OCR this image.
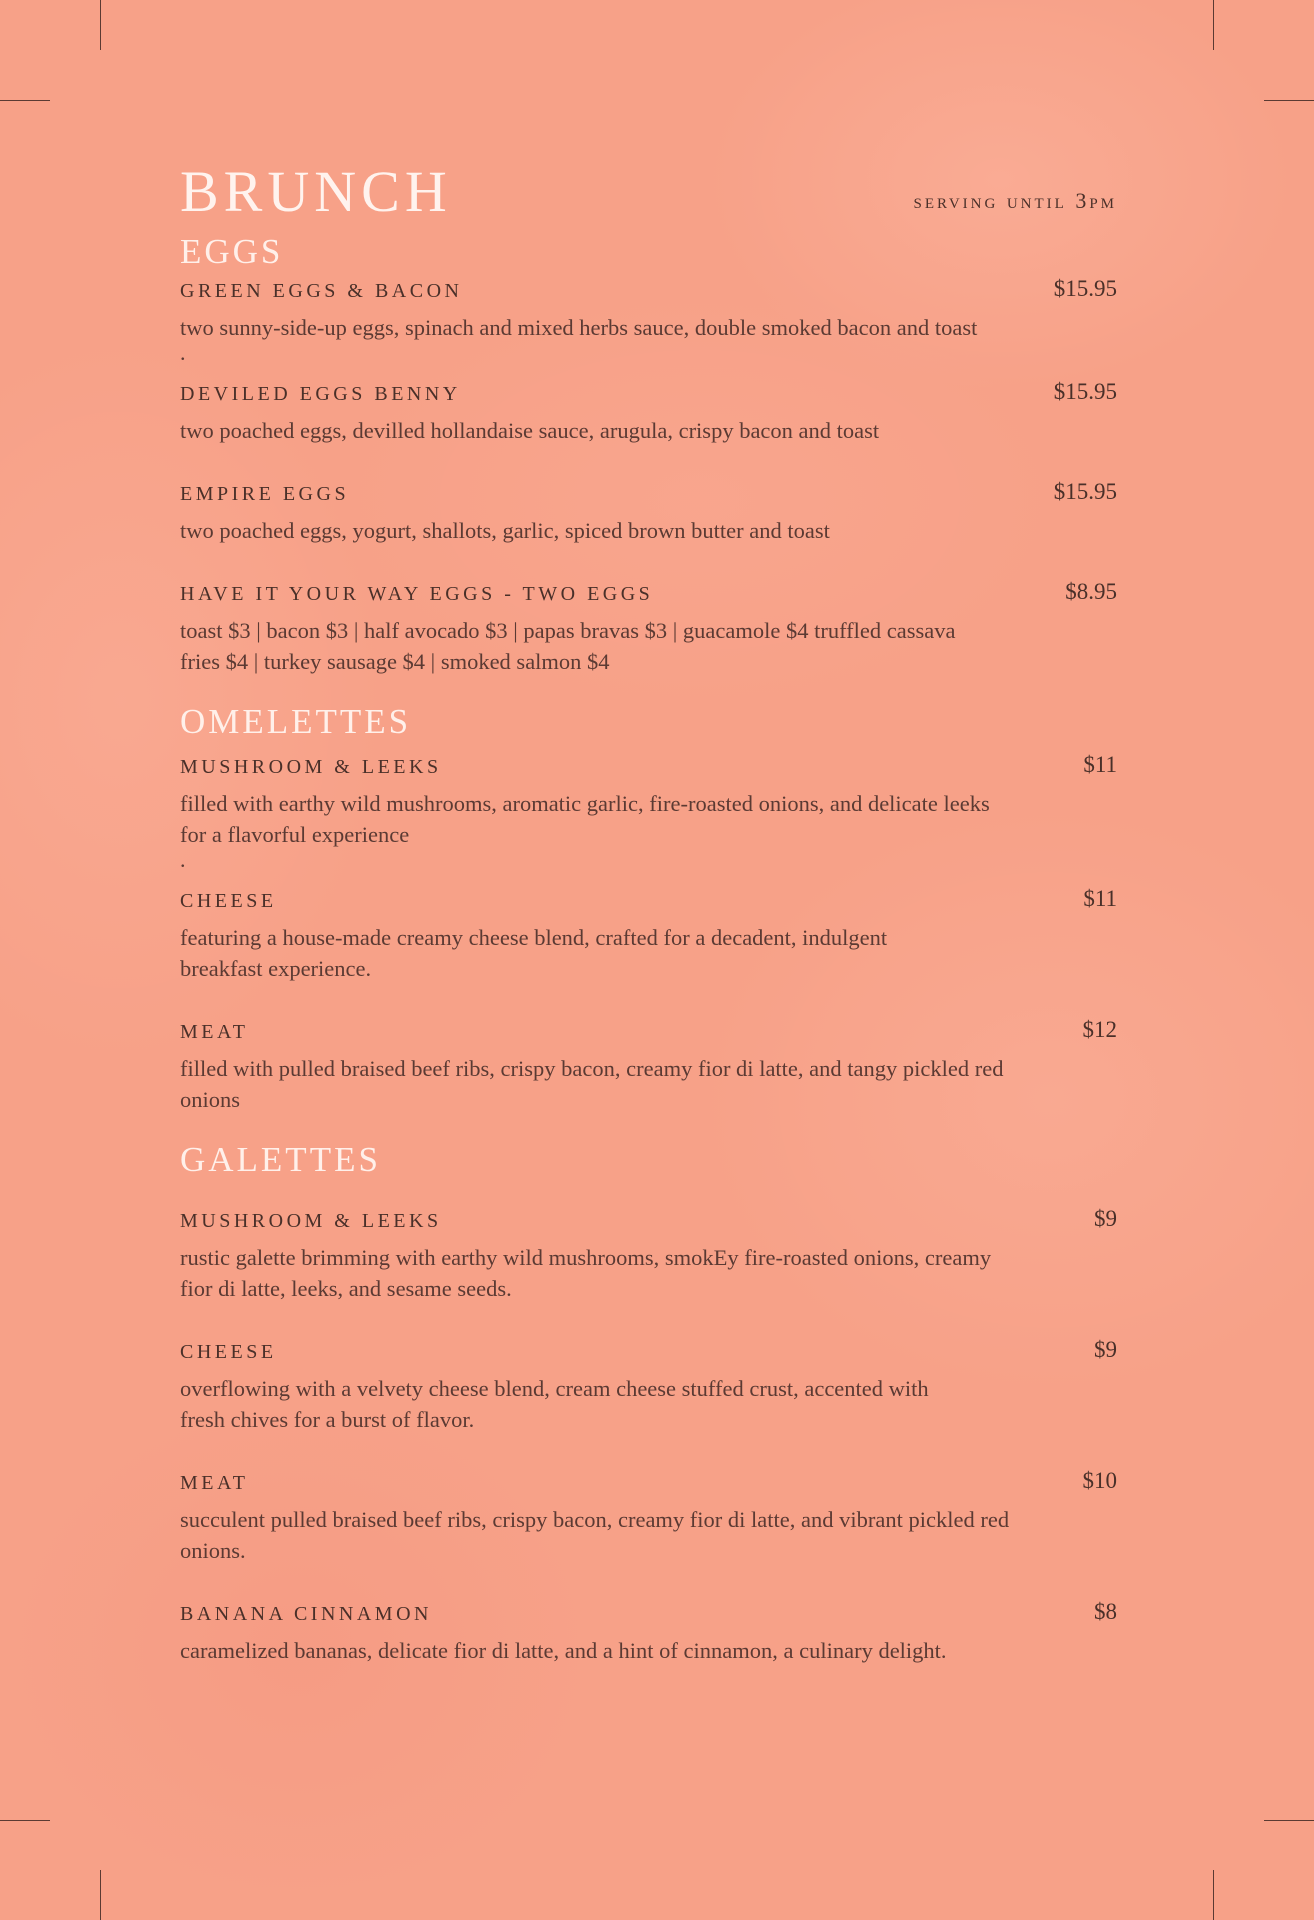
BRUNCH	serving until 3pm
EGGS
GREEN EGGS & BACON	$15.95
two sunny-side-up eggs, spinach and mixed herbs sauce, double smoked bacon and toast
.
DEVILED EGGS BENNY	$15.95
two poached eggs, devilled hollandaise sauce, arugula, crispy bacon and toast
EMPIRE EGGS	$15.95
two poached eggs, yogurt, shallots, garlic, spiced brown butter and toast
HAVE IT YOUR WAY EGGS - TWO EGGS	$8.95
toast $3 | bacon $3 | half avocado $3 | papas bravas $3 | guacamole $4 truffled cassava fries $4 | turkey sausage $4 | smoked salmon $4
OMELETTES
MUSHROOM & LEEKS	$11
filled with earthy wild mushrooms, aromatic garlic, fire-roasted onions, and delicate leeks for a flavorful experience
.
CHEESE	$11
featuring a house-made creamy cheese blend, crafted for a decadent, indulgent breakfast experience.
MEAT	$12
filled with pulled braised beef ribs, crispy bacon, creamy fior di latte, and tangy pickled red onions
GALETTES
MUSHROOM & LEEKS	$9
rustic galette brimming with earthy wild mushrooms, smokEy fire-roasted onions, creamy fior di latte, leeks, and sesame seeds.
CHEESE	$9
overflowing with a velvety cheese blend, cream cheese stuffed crust, accented with fresh chives for a burst of flavor.
MEAT	$10
succulent pulled braised beef ribs, crispy bacon, creamy fior di latte, and vibrant pickled red onions.
BANANA CINNAMON	$8
caramelized bananas, delicate fior di latte, and a hint of cinnamon, a culinary delight.
